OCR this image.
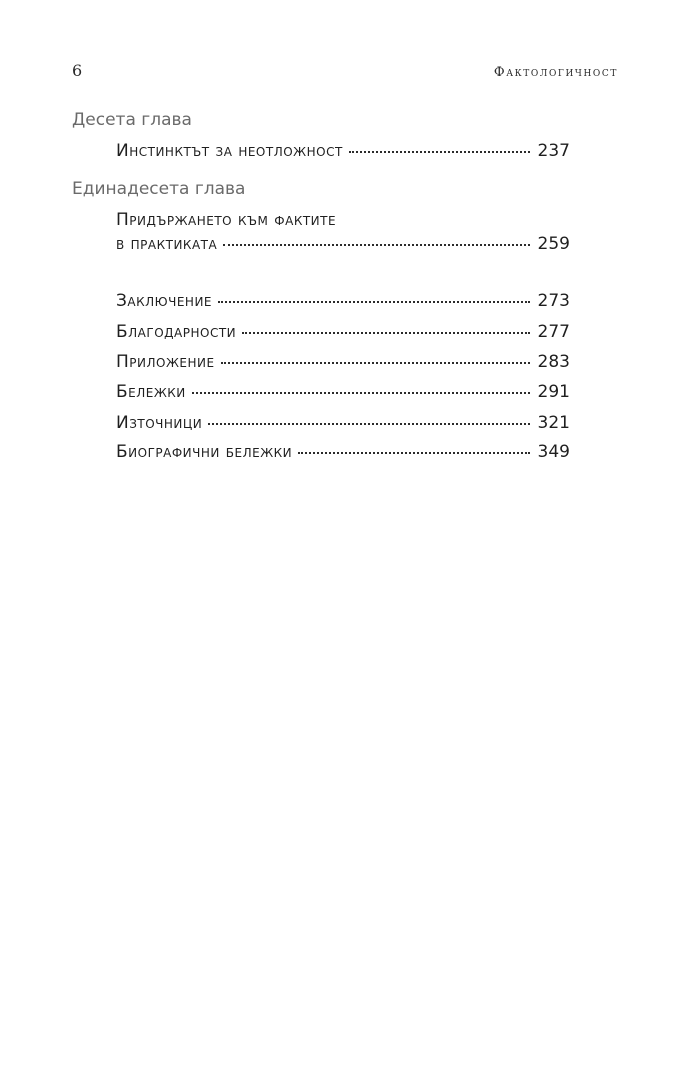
6	Фактологичност
Десета глава
Инстинктът за неотложност	237
Единадесета глава
Придържането към фактите
в практиката	259
Заключение	273
Благодарности	277
Приложение	283
Бележки	291
Източници	321
Биографични бележки	349
